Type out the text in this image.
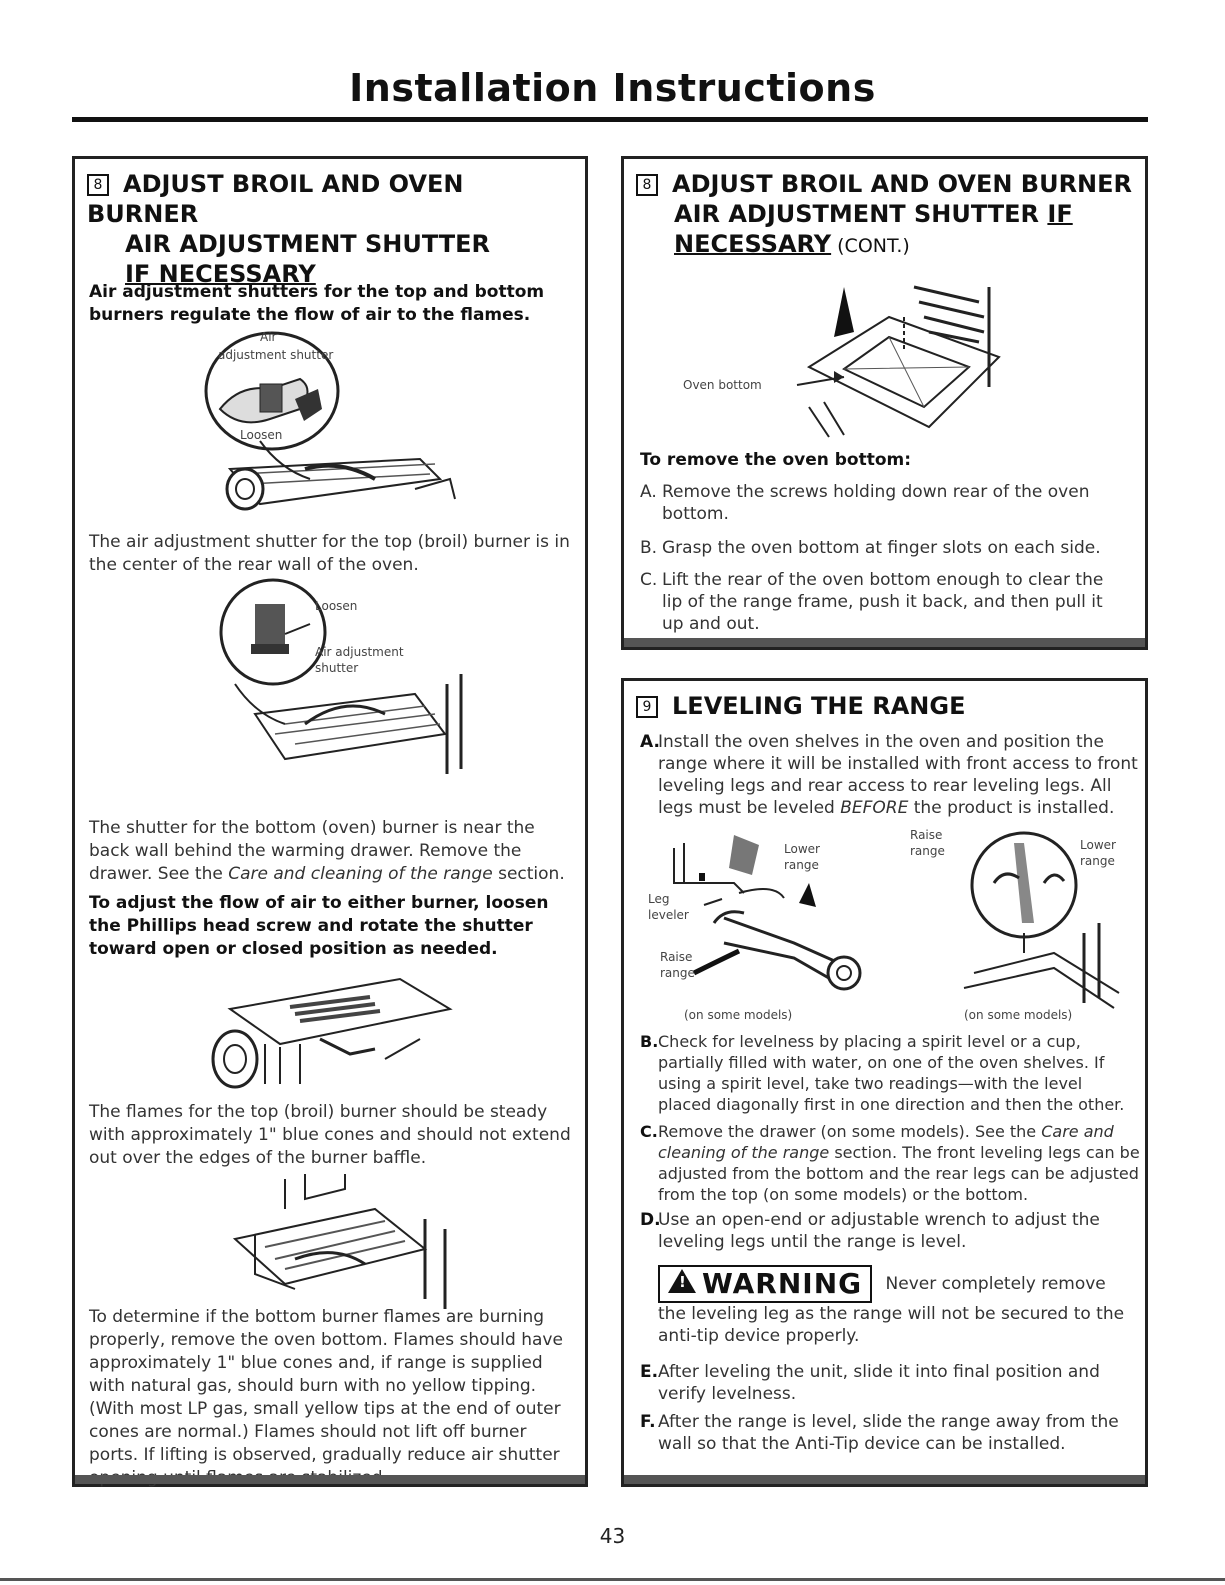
Installation Instructions
8 ADJUST BROIL AND OVEN BURNER
AIR ADJUSTMENT SHUTTER
IF NECESSARY
Air adjustment shutters for the top and bottom burners regulate the flow of air to the flames.
Air
adjustment shutter
Loosen
The air adjustment shutter for the top (broil) burner is in the center of the rear wall of the oven.
Loosen
Air adjustment
shutter
The shutter for the bottom (oven) burner is near the back wall behind the warming drawer. Remove the drawer. See the Care and cleaning of the range section.
To adjust the flow of air to either burner, loosen the Phillips head screw and rotate the shutter toward open or closed position as needed.
The flames for the top (broil) burner should be steady with approximately 1" blue cones and should not extend out over the edges of the burner baffle.
To determine if the bottom burner flames are burning properly, remove the oven bottom. Flames should have approximately 1" blue cones and, if range is supplied with natural gas, should burn with no yellow tipping. (With most LP gas, small yellow tips at the end of outer cones are normal.) Flames should not lift off burner ports. If lifting is observed, gradually reduce air shutter
8 ADJUST BROIL AND OVEN BURNER
AIR ADJUSTMENT SHUTTER IF
NECESSARY (CONT.)
Oven bottom
To remove the oven bottom:
A. Remove the screws holding down rear of the oven bottom.
B. Grasp the oven bottom at finger slots on each side.
C. Lift the rear of the oven bottom enough to clear the lip of the range frame, push it back, and then pull it up and out.
9 LEVELING THE RANGE
A.
Install the oven shelves in the oven and position the range where it will be installed with front access to front leveling legs and rear access to rear leveling legs. All legs must be leveled BEFORE the product is installed.
Lower
range
Leg
leveler
Raise
range
(on some models)
Raise
range	Lower
range
(on some models)
B. Check for levelness by placing a spirit level or a cup, partially filled with water, on one of the oven shelves. If using a spirit level, take two readings—with the level placed diagonally first in one direction and then the other.
C. Remove the drawer (on some models). See the Care and cleaning of the range section. The front leveling legs can be adjusted from the bottom and the rear legs can be adjusted from the top (on some models) or the bottom.
D.
Use an open-end or adjustable wrench to adjust the leveling legs until the range is level.
!WARNING Never completely remove
the leveling leg as the range will not be secured to the anti-tip device properly.
E. After leveling the unit, slide it into final position and verify levelness.
F. After the range is level, slide the range away from the wall so that the Anti-Tip device can be installed.
43
